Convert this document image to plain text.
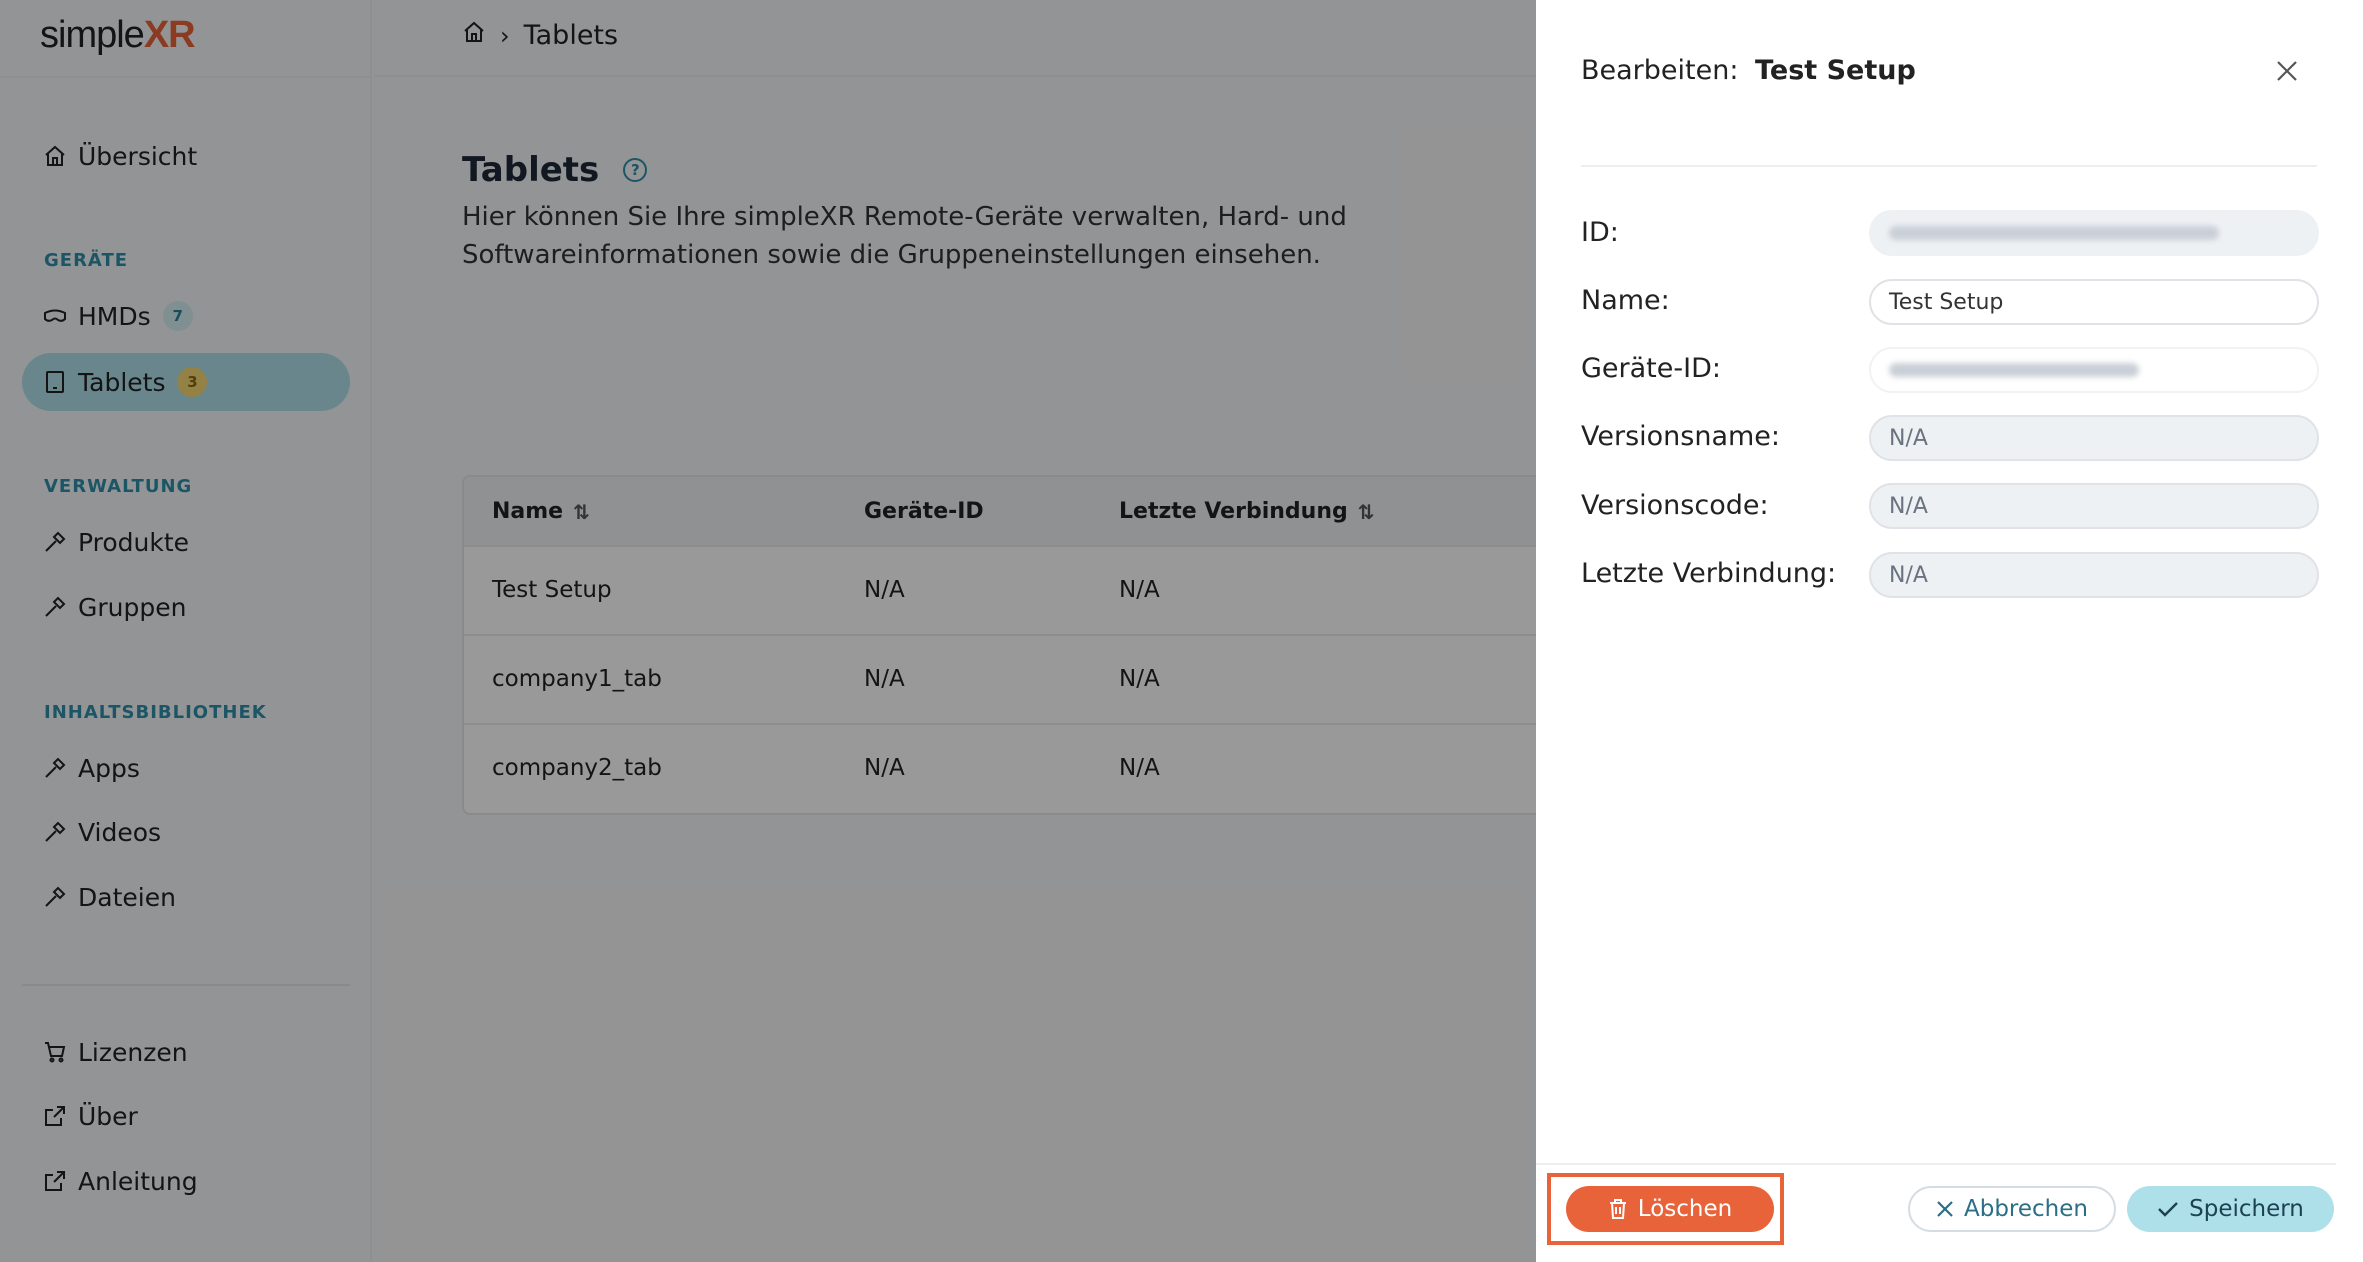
simpleXR
Übersicht
GERÄTE
HMDs	7
Tablets	3
VERWALTUNG
Produkte
Gruppen
INHALTSBIBLIOTHEK
Apps
Videos
Dateien
Lizenzen
Über
Anleitung
› Tablets
Tablets	?
Hier können Sie Ihre simpleXR Remote-Geräte verwalten, Hard- und
Softwareinformationen sowie die Gruppeneinstellungen einsehen.
Name ⇅	Geräte-ID	Letzte Verbindung ⇅
Test Setup	N/A	N/A
company1_tab	N/A	N/A
company2_tab	N/A	N/A
Bearbeiten: Test Setup
ID:
Name:	Test Setup
Geräte-ID:
Versionsname:	N/A
Versionscode:	N/A
Letzte Verbindung: N/A
Löschen	Abbrechen	Speichern
